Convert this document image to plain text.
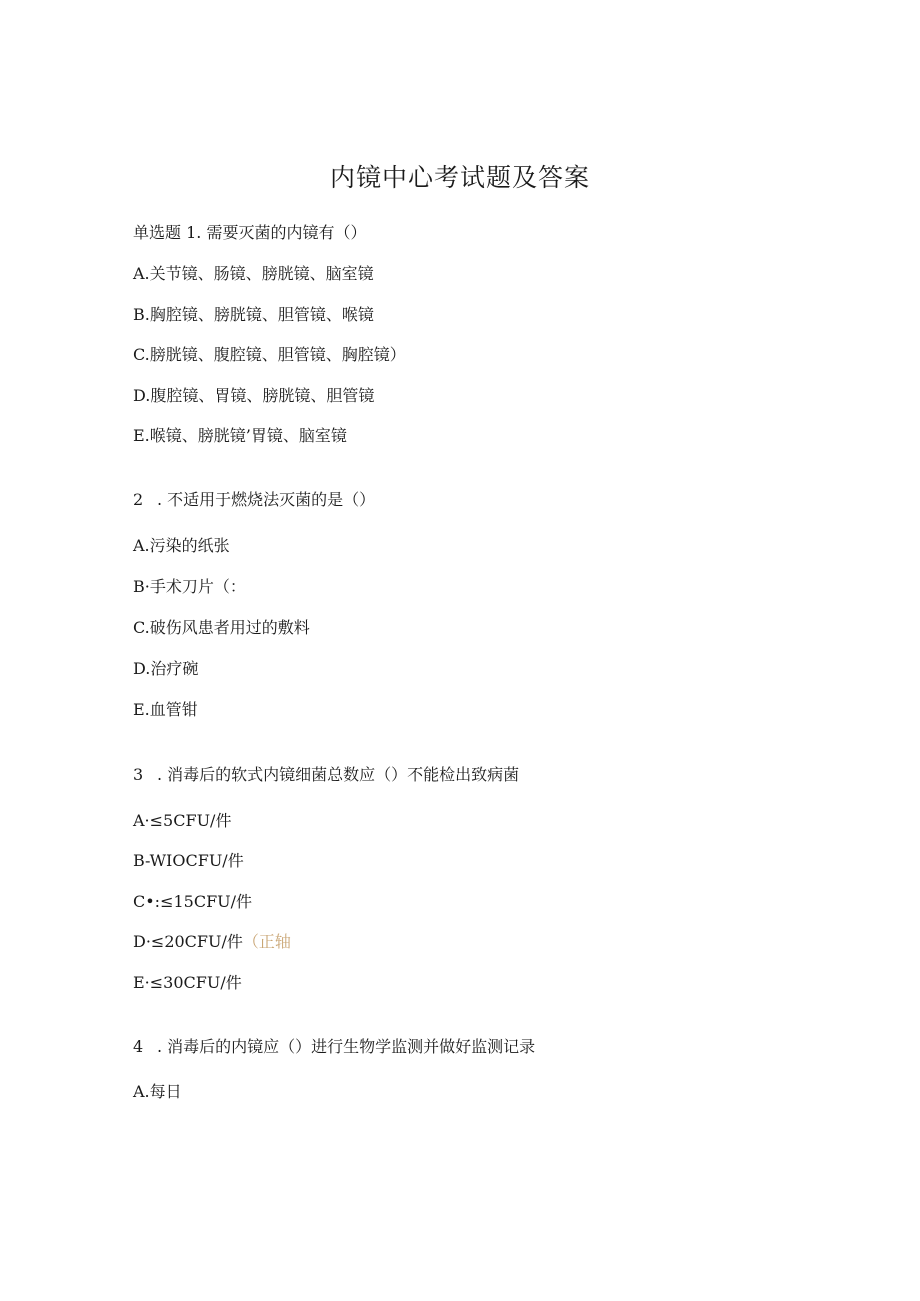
内镜中心考试题及答案
单选题 1. 需要灭菌的内镜有（）
A.关节镜、肠镜、膀胱镜、脑室镜
B.胸腔镜、膀胱镜、胆管镜、喉镜
C.膀胱镜、腹腔镜、胆管镜、胸腔镜）
D.腹腔镜、胃镜、膀胱镜、胆管镜
E.喉镜、膀胱镜’胃镜、脑室镜
2 . 不适用于燃烧法灭菌的是（）
A.污染的纸张
B·手术刀片（：
C.破伤风患者用过的敷料
D.治疗碗
E.血管钳
3 . 消毒后的软式内镜细菌总数应（）不能检出致病菌
A·≤5CFU/件
B-WIOCFU/件
C•:≤15CFU/件
D·≤20CFU/件（正轴
E·≤30CFU/件
4 . 消毒后的内镜应（）进行生物学监测并做好监测记录
A.每日
